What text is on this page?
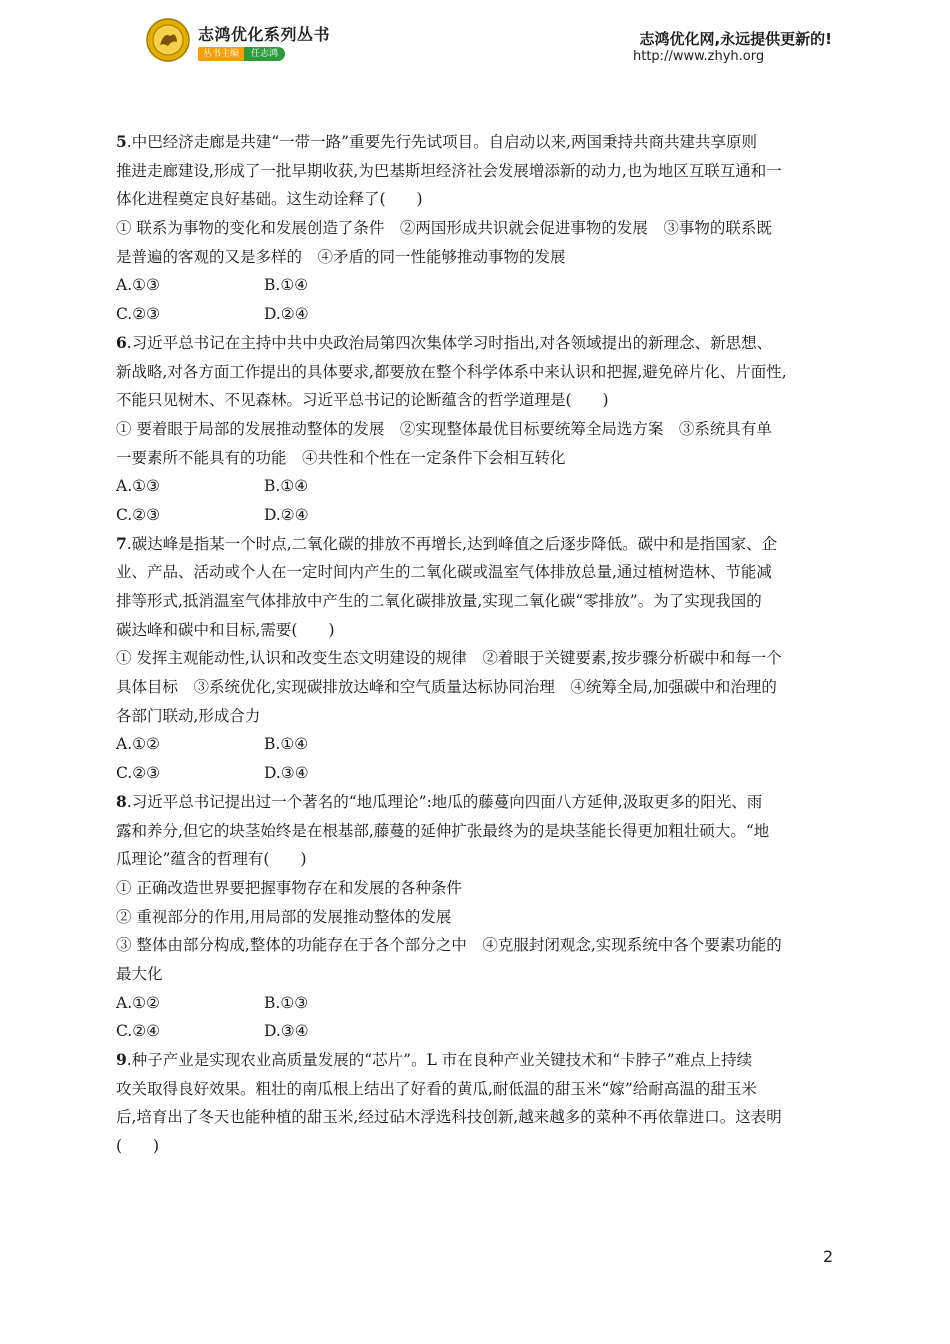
志鸿优化系列丛书
丛书主编	任志鸿
志鸿优化网,永远提供更新的!
http://www.zhyh.org
5.中巴经济走廊是共建“一带一路”重要先行先试项目。自启动以来,两国秉持共商共建共享原则
推进走廊建设,形成了一批早期收获,为巴基斯坦经济社会发展增添新的动力,也为地区互联互通和一
体化进程奠定良好基础。这生动诠释了(　　)
① 联系为事物的变化和发展创造了条件　②两国形成共识就会促进事物的发展　③事物的联系既
是普遍的客观的又是多样的　④矛盾的同一性能够推动事物的发展
A.①③	B.①④
C.②③	D.②④
6.习近平总书记在主持中共中央政治局第四次集体学习时指出,对各领域提出的新理念、新思想、
新战略,对各方面工作提出的具体要求,都要放在整个科学体系中来认识和把握,避免碎片化、片面性,
不能只见树木、不见森林。习近平总书记的论断蕴含的哲学道理是(　　)
① 要着眼于局部的发展推动整体的发展　②实现整体最优目标要统筹全局选方案　③系统具有单
一要素所不能具有的功能　④共性和个性在一定条件下会相互转化
A.①③	B.①④
C.②③	D.②④
7.碳达峰是指某一个时点,二氧化碳的排放不再增长,达到峰值之后逐步降低。碳中和是指国家、企
业、产品、活动或个人在一定时间内产生的二氧化碳或温室气体排放总量,通过植树造林、节能减
排等形式,抵消温室气体排放中产生的二氧化碳排放量,实现二氧化碳“零排放”。为了实现我国的
碳达峰和碳中和目标,需要(　　)
① 发挥主观能动性,认识和改变生态文明建设的规律　②着眼于关键要素,按步骤分析碳中和每一个
具体目标　③系统优化,实现碳排放达峰和空气质量达标协同治理　④统筹全局,加强碳中和治理的
各部门联动,形成合力
A.①②	B.①④
C.②③	D.③④
8.习近平总书记提出过一个著名的“地瓜理论”:地瓜的藤蔓向四面八方延伸,汲取更多的阳光、雨
露和养分,但它的块茎始终是在根基部,藤蔓的延伸扩张最终为的是块茎能长得更加粗壮硕大。“地
瓜理论”蕴含的哲理有(　　)
① 正确改造世界要把握事物存在和发展的各种条件
② 重视部分的作用,用局部的发展推动整体的发展
③ 整体由部分构成,整体的功能存在于各个部分之中　④克服封闭观念,实现系统中各个要素功能的
最大化
A.①②	B.①③
C.②④	D.③④
9.种子产业是实现农业高质量发展的“芯片”。L 市在良种产业关键技术和“卡脖子”难点上持续
攻关取得良好效果。粗壮的南瓜根上结出了好看的黄瓜,耐低温的甜玉米“嫁”给耐高温的甜玉米
后,培育出了冬天也能种植的甜玉米,经过砧木浮选科技创新,越来越多的菜种不再依靠进口。这表明
(　　)
2
